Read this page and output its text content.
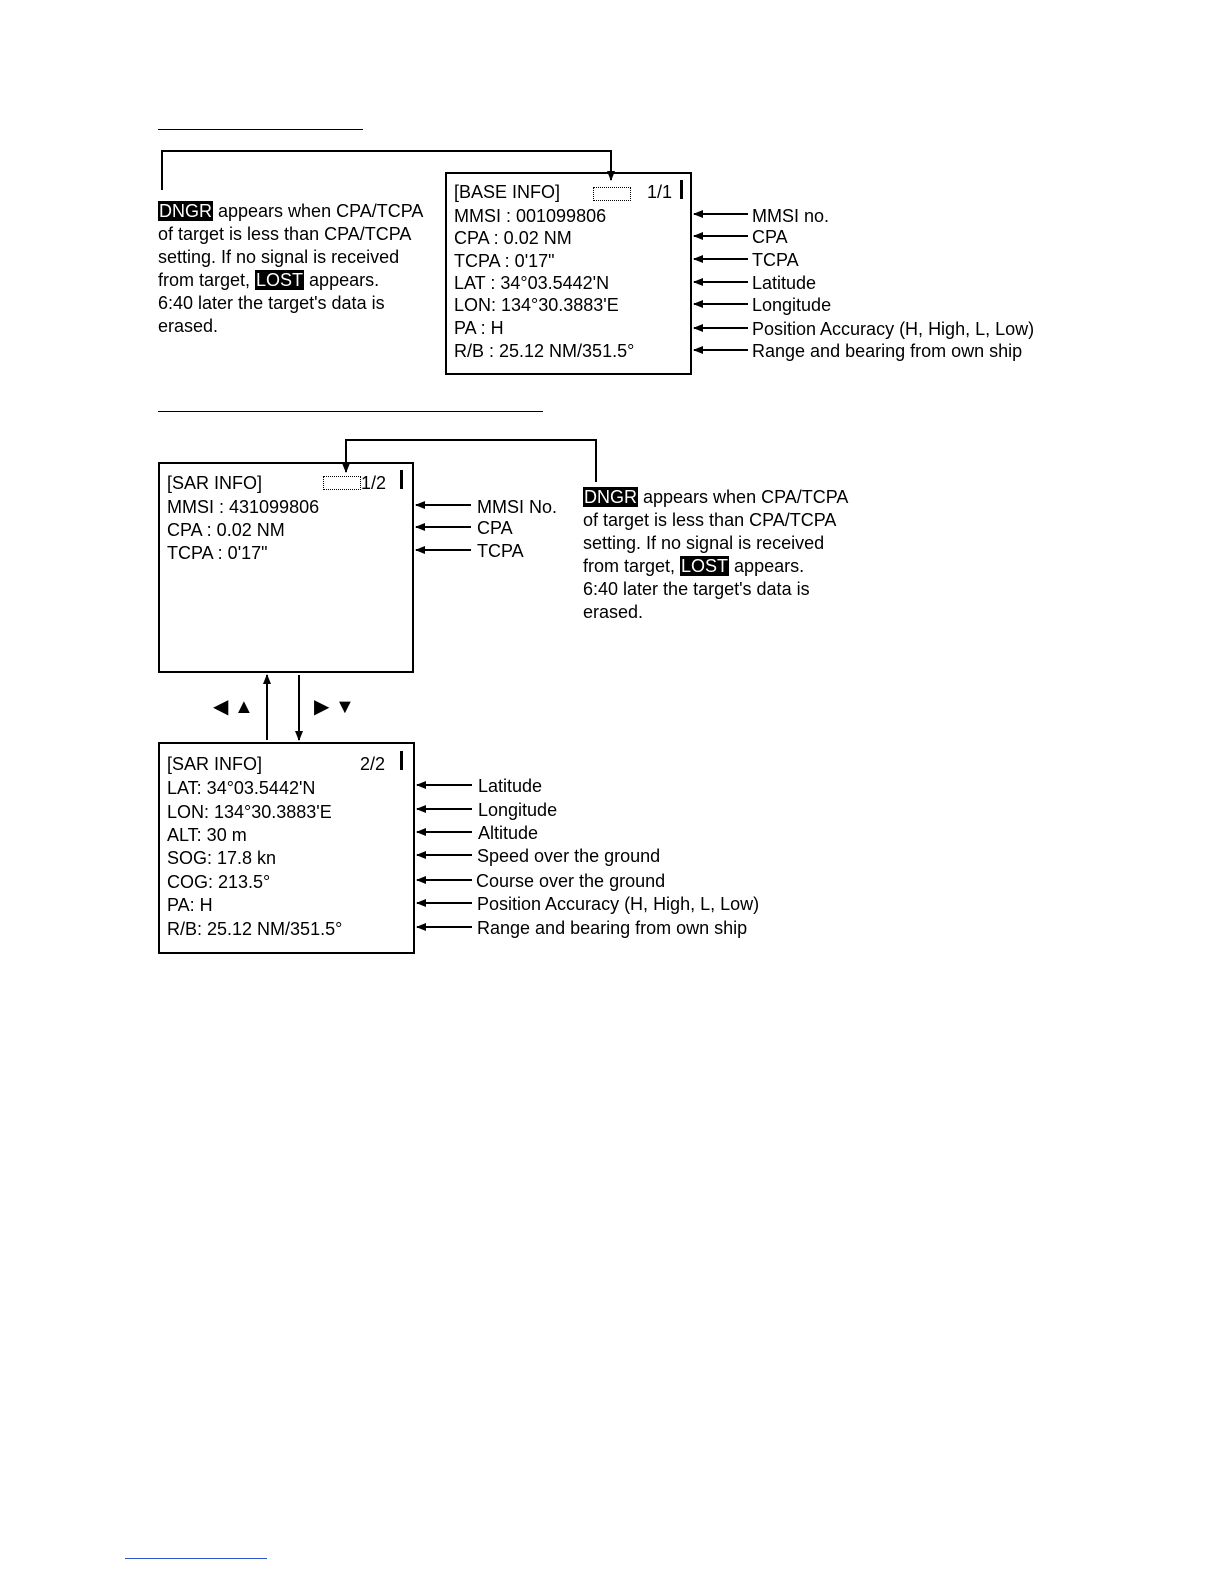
DNGR appears when CPA/TCPA

of target is less than CPA/TCPA

setting. If no signal is received

from target, LOST appears.

6:40 later the target's data is

erased.

[BASE INFO]	1/1
MMSI : 001099806
CPA : 0.02 NM
TCPA : 0'17"
LAT : 34°03.5442'N
LON: 134°30.3883'E
PA : H
R/B : 25.12 NM/351.5°
MMSI no.
CPA
TCPA
Latitude
Longitude
Position Accuracy (H, High, L, Low)
Range and bearing from own ship
[SAR INFO]	1/2
MMSI : 431099806
CPA : 0.02 NM
TCPA : 0'17"
MMSI No.
CPA
TCPA

DNGR appears when CPA/TCPA

of target is less than CPA/TCPA

setting. If no signal is received

from target, LOST appears.

6:40 later the target's data is

erased.

◀ ▲	▶ ▼
[SAR INFO]	2/2
LAT: 34°03.5442'N
LON: 134°30.3883'E
ALT: 30 m
SOG: 17.8 kn
COG: 213.5°
PA: H
R/B: 25.12 NM/351.5°
Latitude
Longitude
Altitude
Speed over the ground
Course over the ground
Position Accuracy (H, High, L, Low)
Range and bearing from own ship
